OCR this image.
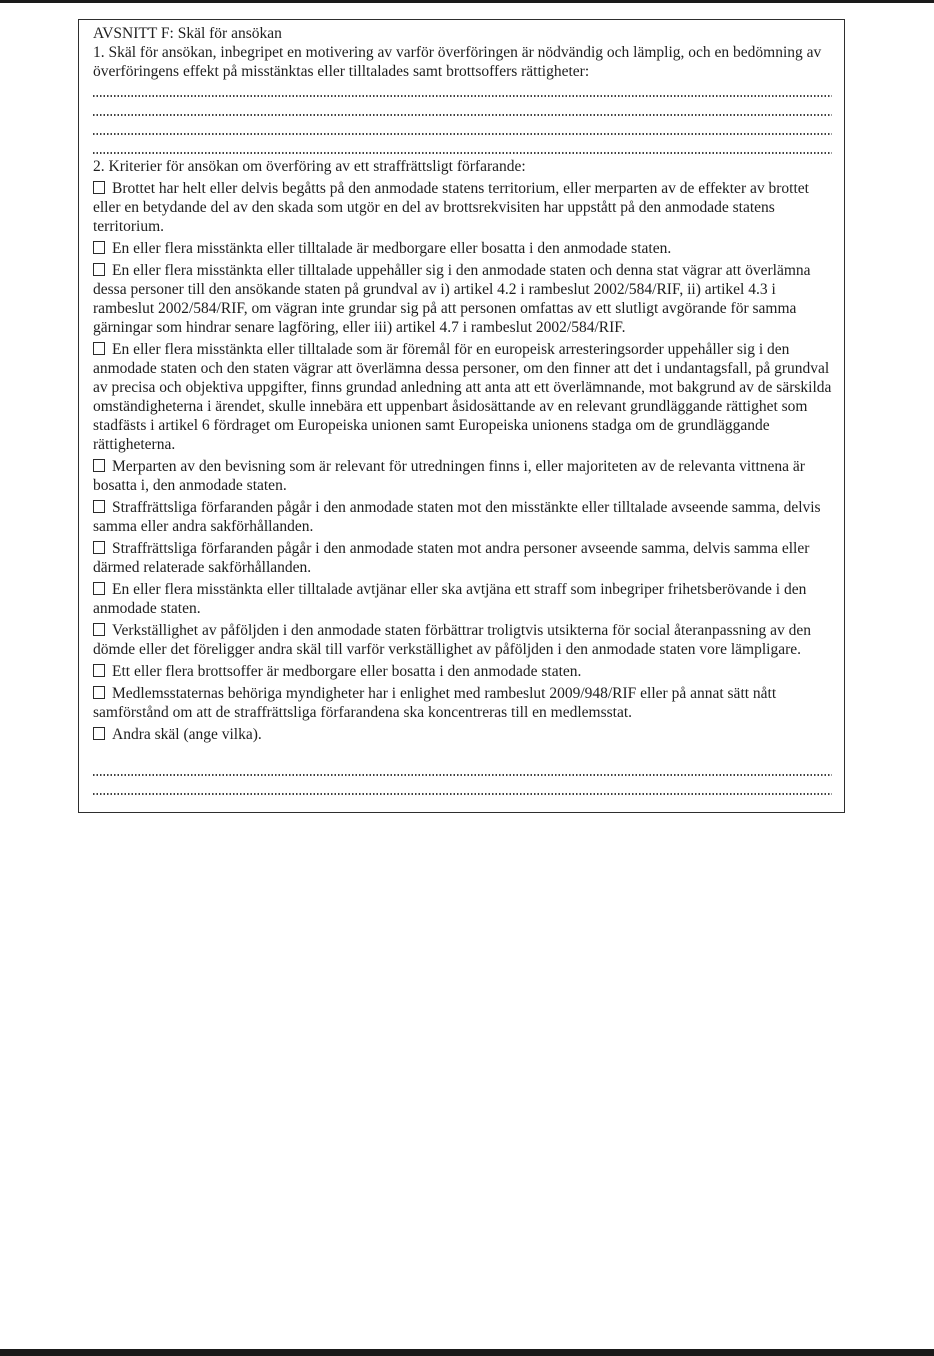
AVSNITT F: Skäl för ansökan

1. Skäl för ansökan, inbegripet en motivering av varför överföringen är nödvändig och lämplig, och en bedömning av överföringens effekt på misstänktas eller tilltalades samt brottsoffers rättigheter:

2. Kriterier för ansökan om överföring av ett straffrättsligt förfarande:

Brottet har helt eller delvis begåtts på den anmodade statens territorium, eller merparten av de effekter av brottet eller en betydande del av den skada som utgör en del av brottsrekvisiten har uppstått på den anmodade statens territorium.

En eller flera misstänkta eller tilltalade är medborgare eller bosatta i den anmodade staten.

En eller flera misstänkta eller tilltalade uppehåller sig i den anmodade staten och denna stat vägrar att överlämna dessa personer till den ansökande staten på grundval av i) artikel 4.2 i rambeslut 2002/584/RIF, ii) artikel 4.3 i rambeslut 2002/584/RIF, om vägran inte grundar sig på att personen omfattas av ett slutligt avgörande för samma gärningar som hindrar senare lagföring, eller iii) artikel 4.7 i rambeslut 2002/584/RIF.

En eller flera misstänkta eller tilltalade som är föremål för en europeisk arresteringsorder uppehåller sig i den anmodade staten och den staten vägrar att överlämna dessa personer, om den finner att det i undantagsfall, på grundval av precisa och objektiva uppgifter, finns grundad anledning att anta att ett överlämnande, mot bakgrund av de särskilda omständigheterna i ärendet, skulle innebära ett uppenbart åsidosättande av en relevant grundläggande rättighet som stadfästs i artikel 6 fördraget om Europeiska unionen samt Europeiska unionens stadga om de grundläggande rättigheterna.

Merparten av den bevisning som är relevant för utredningen finns i, eller majoriteten av de relevanta vittnena är bosatta i, den anmodade staten.

Straffrättsliga förfaranden pågår i den anmodade staten mot den misstänkte eller tilltalade avseende samma, delvis samma eller andra sakförhållanden.

Straffrättsliga förfaranden pågår i den anmodade staten mot andra personer avseende samma, delvis samma eller därmed relaterade sakförhållanden.

En eller flera misstänkta eller tilltalade avtjänar eller ska avtjäna ett straff som inbegriper frihetsberövande i den anmodade staten.

Verkställighet av påföljden i den anmodade staten förbättrar troligtvis utsikterna för social återanpassning av den dömde eller det föreligger andra skäl till varför verkställighet av påföljden i den anmodade staten vore lämpligare.

Ett eller flera brottsoffer är medborgare eller bosatta i den anmodade staten.

Medlemsstaternas behöriga myndigheter har i enlighet med rambeslut 2009/948/RIF eller på annat sätt nått samförstånd om att de straffrättsliga förfarandena ska koncentreras till en medlemsstat.

Andra skäl (ange vilka).
